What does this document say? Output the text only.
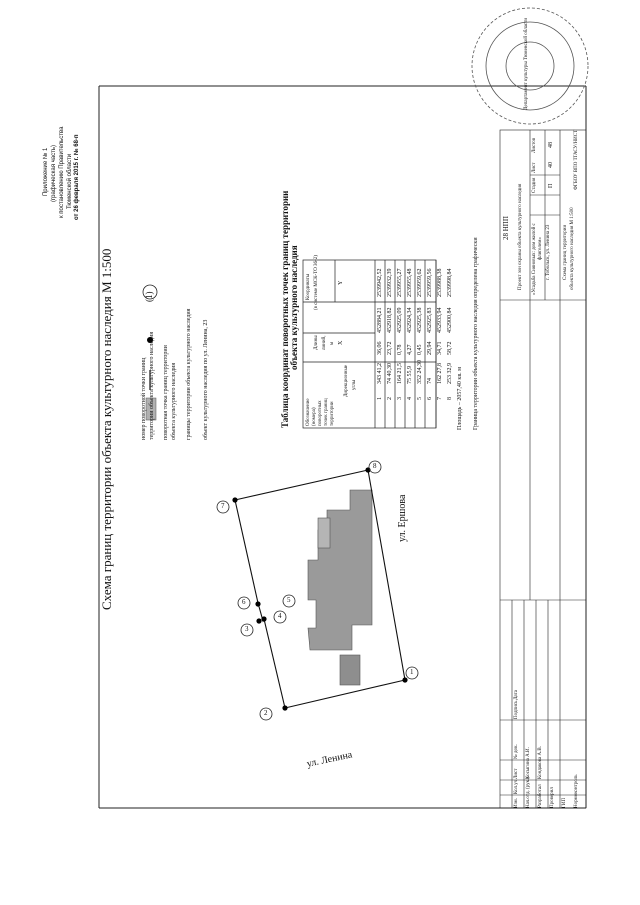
Приложение № 1 (графическая часть) к постановлению Правительства Тюменской области от 26 февраля 2015 г. № 68-п
Схема границ территории объекта культурного наследия М 1:500	(1)
номер поворотной точки границ территории объекта культурного наследия поворотная точка границ территории объекта культурного наследия границы территории объекта культурного наследия объект культурного наследия по ул. Ленина, 23
ул. Ленина
ул. Ершова
1
2
3
4
5
6
7
8
Таблица координат поворотных точек границ территории объекта культурного наследия
Обозначение (номера) поворотных точек границ территории
Дирекционные углы
Длины линий, м
Координаты (в системе МСК-ТО 36-2)
X
Y
1
343 41,2
36,06
452884,21
2539942,52
2
74 40,30
23,72
452918,82
2539932,39
3
164 21,5
0,78
452925,09
2539955,27
4
75 55,9
4,27
452924,34
2539955,48
5
352 24,30
0,45
452925,38
2539959,62
6
74
29,94
452925,83
2539959,56
7
162 27,8
34,71
452933,94
2539988,38
8
253 32,9
58,72
452900,84
2539998,84
Площадь – 2057,40 кв. м Граница территории объекта культурного наследия определена графически
28 НПП Проект зон охраны объекта культурного наследия «Усадьба Сияновых: дом жилой с флигелем» г. Тобольск, ул. Ленина 23 Схема границ территории объекта культурного наследия М 1:500
Стадия
Лист
Листов
П
40
48	ФГБОУ ВПО ТГАСУ/НИСТ
Нач.отд. (рук.) Разработал Проверил ГИП Нормоконтроль
Косыгина А.И. Кондакова А.В.
Изм.
Кол.уч
Лист
№ док.
Подпись
Дата
Департамент культуры Тюменской области
